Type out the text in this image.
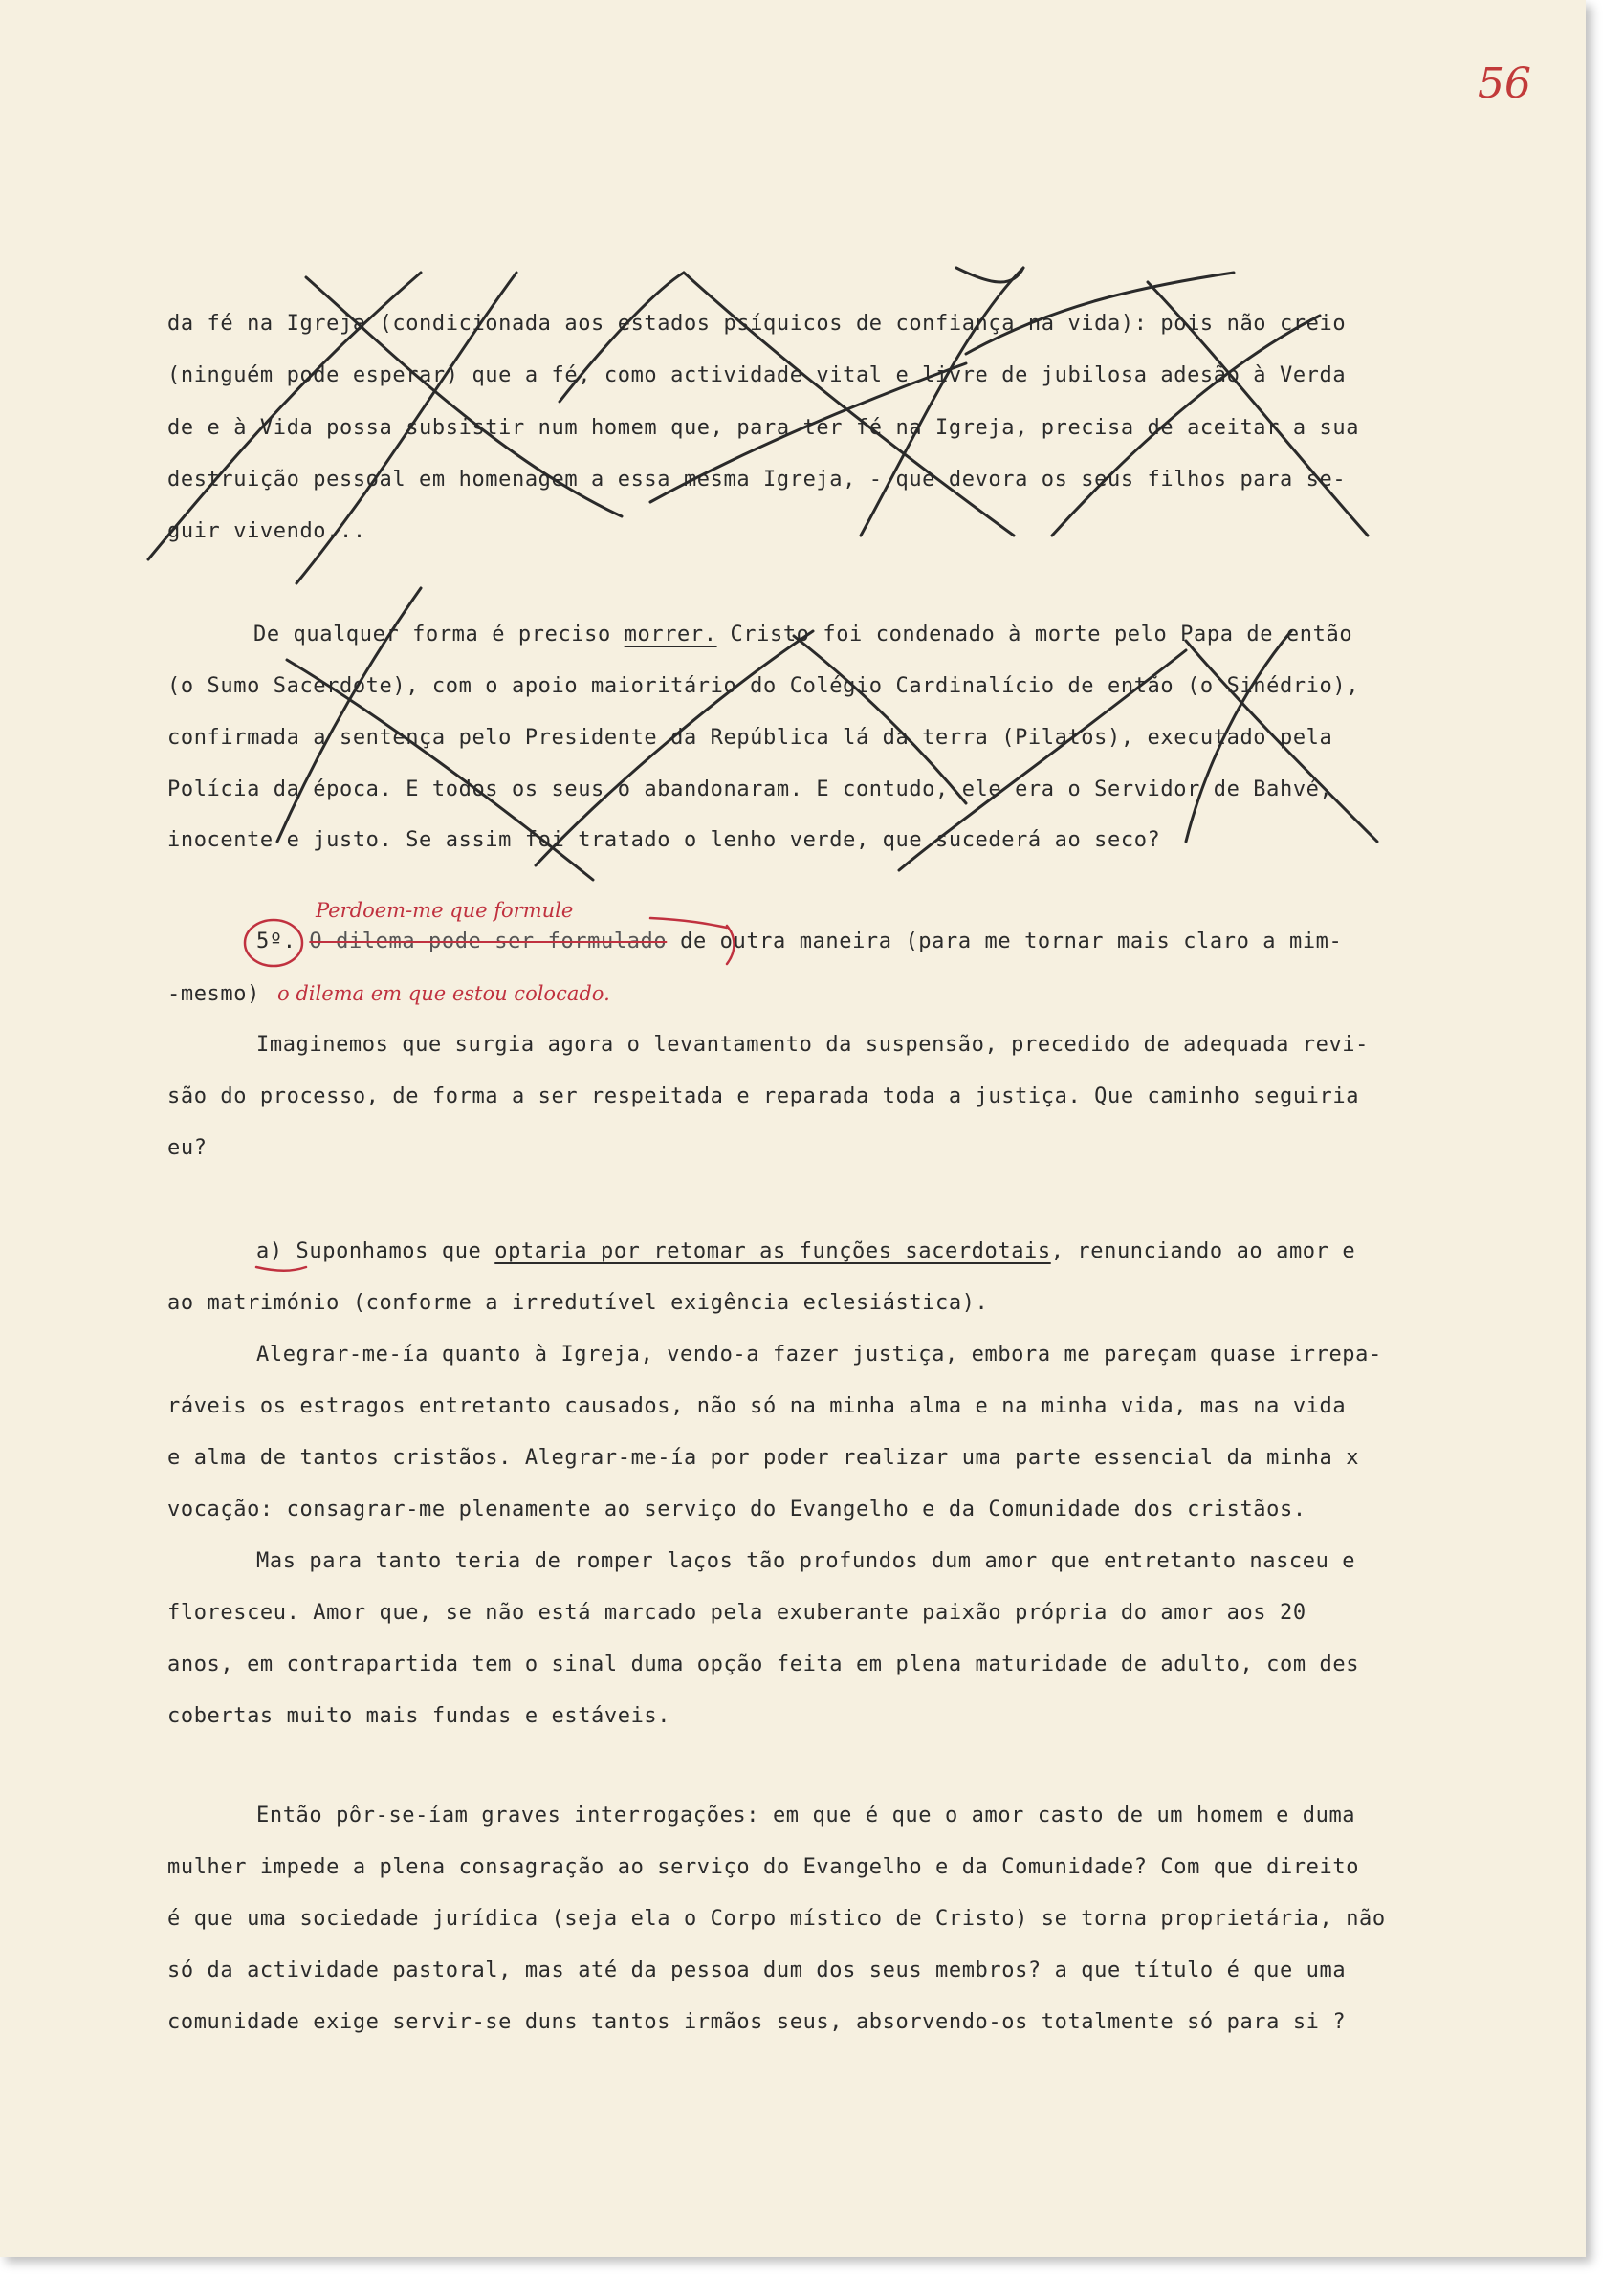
56
da fé na Igreja (condicionada aos estados psíquicos de confiança na vida): pois não creio
(ninguém pode esperar) que a fé, como actividade vital e livre de jubilosa adesão à Verda
de e à Vida possa subsistir num homem que, para ter fé na Igreja, precisa de aceitar a sua
destruição pessoal em homenagem a essa mesma Igreja, - que devora os seus filhos para se-
guir vivendo...
De qualquer forma é preciso morrer. Cristo foi condenado à morte pelo Papa de então
(o Sumo Sacerdote), com o apoio maioritário do Colégio Cardinalício de então (o Sinédrio),
confirmada a sentença pelo Presidente da República lá da terra (Pilatos), executado pela
Polícia da época. E todos os seus o abandonaram. E contudo, ele era o Servidor de Bahvé,
inocente e justo. Se assim foi tratado o lenho verde, que sucederá ao seco?
Perdoem-me que formule
5º. O dilema pode ser formulado de outra maneira (para me tornar mais claro a mim-
-mesmo) o dilema em que estou colocado.
Imaginemos que surgia agora o levantamento da suspensão, precedido de adequada revi-
são do processo, de forma a ser respeitada e reparada toda a justiça. Que caminho seguiria
eu?
a) Suponhamos que optaria por retomar as funções sacerdotais, renunciando ao amor e
ao matrimónio (conforme a irredutível exigência eclesiástica).
Alegrar-me-ía quanto à Igreja, vendo-a fazer justiça, embora me pareçam quase irrepa-
ráveis os estragos entretanto causados, não só na minha alma e na minha vida, mas na vida
e alma de tantos cristãos. Alegrar-me-ía por poder realizar uma parte essencial da minha x
vocação: consagrar-me plenamente ao serviço do Evangelho e da Comunidade dos cristãos.
Mas para tanto teria de romper laços tão profundos dum amor que entretanto nasceu e
floresceu. Amor que, se não está marcado pela exuberante paixão própria do amor aos 20
anos, em contrapartida tem o sinal duma opção feita em plena maturidade de adulto, com des
cobertas muito mais fundas e estáveis.
Então pôr-se-íam graves interrogações: em que é que o amor casto de um homem e duma
mulher impede a plena consagração ao serviço do Evangelho e da Comunidade? Com que direito
é que uma sociedade jurídica (seja ela o Corpo místico de Cristo) se torna proprietária, não
só da actividade pastoral, mas até da pessoa dum dos seus membros? a que título é que uma
comunidade exige servir-se duns tantos irmãos seus, absorvendo-os totalmente só para si ?
